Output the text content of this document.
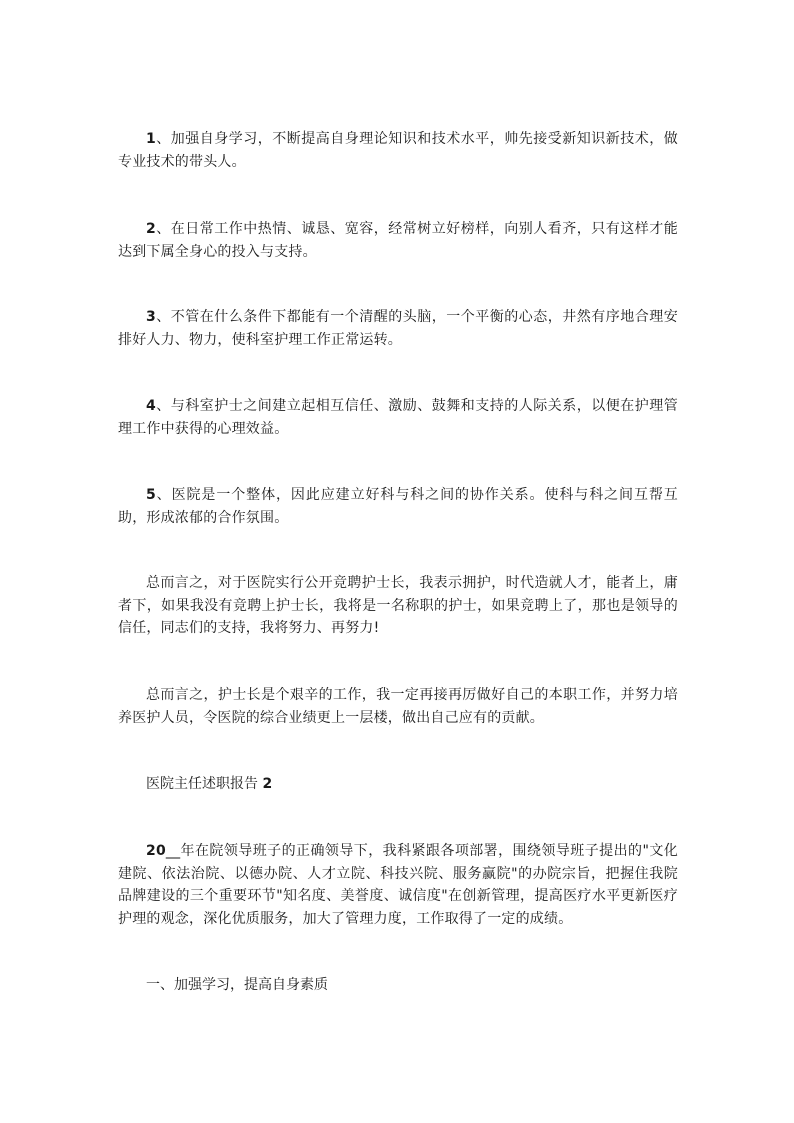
1、加强自身学习，不断提高自身理论知识和技术水平，帅先接受新知识新技术，做专业技术的带头人。

2、在日常工作中热情、诚恳、宽容，经常树立好榜样，向别人看齐，只有这样才能达到下属全身心的投入与支持。

3、不管在什么条件下都能有一个清醒的头脑，一个平衡的心态，井然有序地合理安排好人力、物力，使科室护理工作正常运转。

4、与科室护士之间建立起相互信任、激励、鼓舞和支持的人际关系，以便在护理管理工作中获得的心理效益。

5、医院是一个整体，因此应建立好科与科之间的协作关系。使科与科之间互帮互助，形成浓郁的合作氛围。

总而言之，对于医院实行公开竞聘护士长，我表示拥护，时代造就人才，能者上，庸者下，如果我没有竞聘上护士长，我将是一名称职的护士，如果竞聘上了，那也是领导的信任，同志们的支持，我将努力、再努力!

总而言之，护士长是个艰辛的工作，我一定再接再厉做好自己的本职工作，并努力培养医护人员，令医院的综合业绩更上一层楼，做出自己应有的贡献。

医院主任述职报告 2

20__年在院领导班子的正确领导下，我科紧跟各项部署，围绕领导班子提出的"文化建院、依法治院、以德办院、人才立院、科技兴院、服务赢院"的办院宗旨，把握住我院品牌建设的三个重要环节"知名度、美誉度、诚信度"在创新管理，提高医疗水平更新医疗护理的观念，深化优质服务，加大了管理力度，工作取得了一定的成绩。

一、加强学习，提高自身素质
